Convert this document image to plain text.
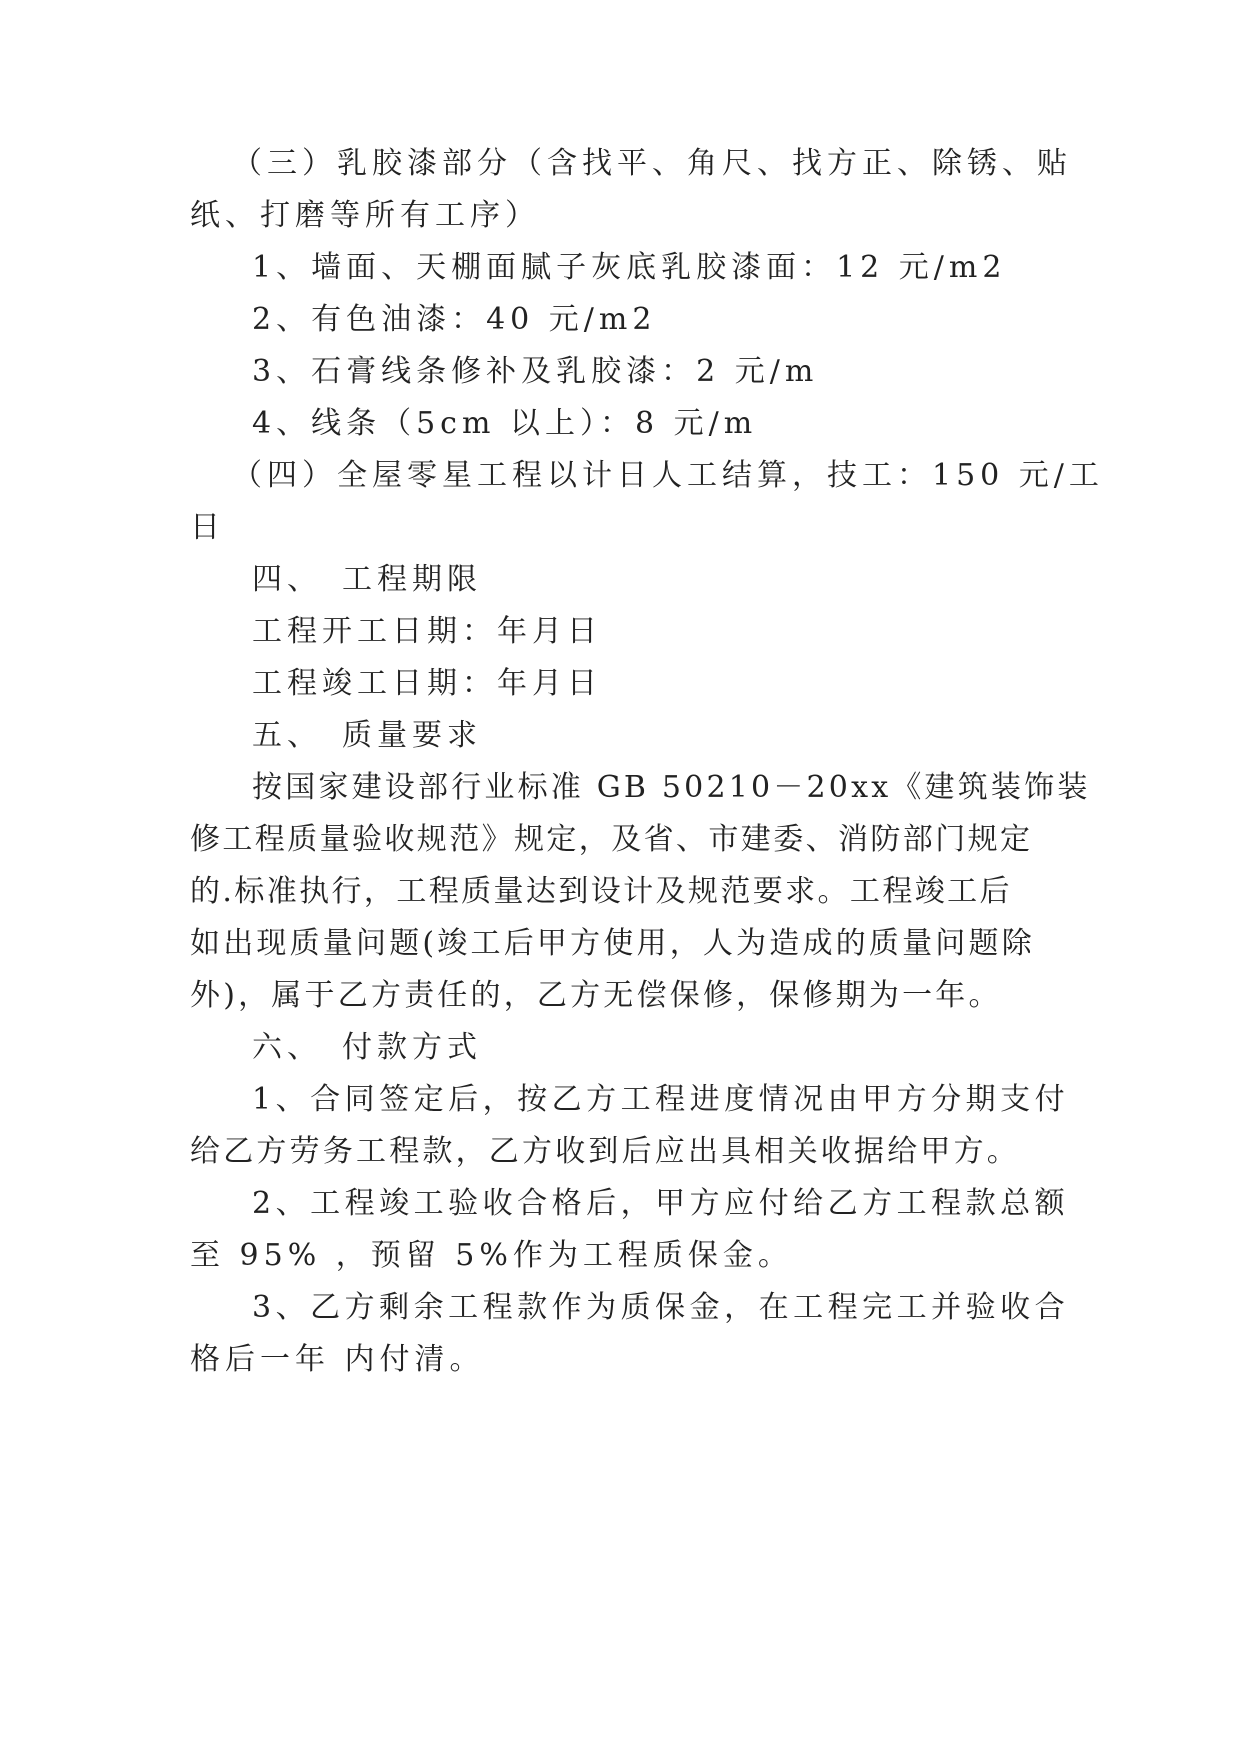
（三）乳胶漆部分（含找平、角尺、找方正、除锈、贴
纸、打磨等所有工序）
1、墙面、天棚面腻子灰底乳胶漆面：12 元/m2
2、有色油漆：40 元/m2
3、石膏线条修补及乳胶漆：2 元/m
4、线条（5cm 以上）：8 元/m
（四）全屋零星工程以计日人工结算，技工：150 元/工
日
四、　工程期限
工程开工日期：年月日
工程竣工日期：年月日
五、　质量要求
按国家建设部行业标准 GB 50210－20xx《建筑装饰装
修工程质量验收规范》规定，及省、市建委、消防部门规定
的.标准执行，工程质量达到设计及规范要求。工程竣工后
如出现质量问题(竣工后甲方使用，人为造成的质量问题除
外)，属于乙方责任的，乙方无偿保修，保修期为一年。
六、　付款方式
1、合同签定后，按乙方工程进度情况由甲方分期支付
给乙方劳务工程款，乙方收到后应出具相关收据给甲方。
2、工程竣工验收合格后，甲方应付给乙方工程款总额
至 95% ，预留 5%作为工程质保金。
3、乙方剩余工程款作为质保金，在工程完工并验收合
格后一年 内付清。
